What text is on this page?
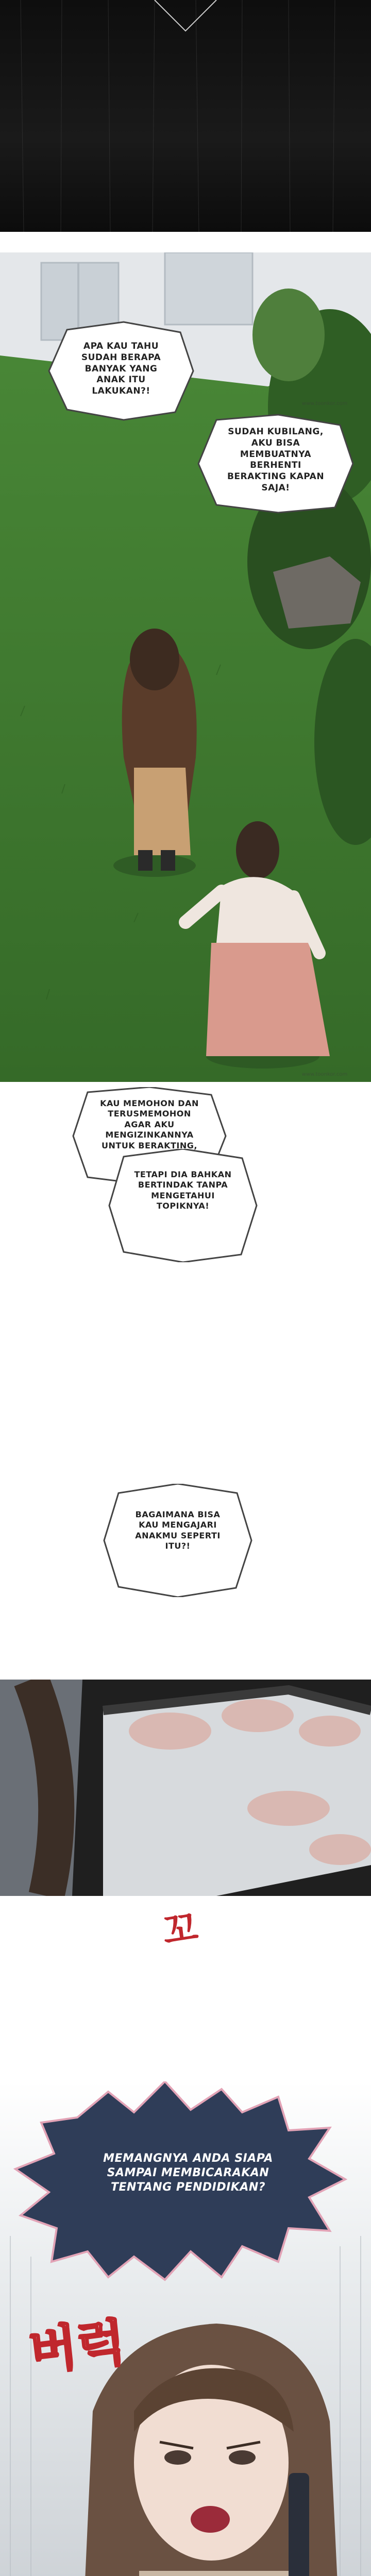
APA KAU TAHU SUDAH BERAPA BANYAK YANG ANAK ITU LAKUKAN?!
SUDAH KUBILANG, AKU BISA MEMBUATNYA BERHENTI BERAKTING KAPAN SAJA!
www.toonkor.com
www.toonkor.com
KAU MEMOHON DAN TERUSMEMOHON AGAR AKU MENGIZINKANNYA UNTUK BERAKTING,
TETAPI DIA BAHKAN BERTINDAK TANPA MENGETAHUI TOPIKNYA!
BAGAIMANA BISA KAU MENGAJARI ANAKMU SEPERTI ITU?!
꼬
MEMANGNYA ANDA SIAPA SAMPAI MEMBICARAKAN TENTANG PENDIDIKAN?
버럭
